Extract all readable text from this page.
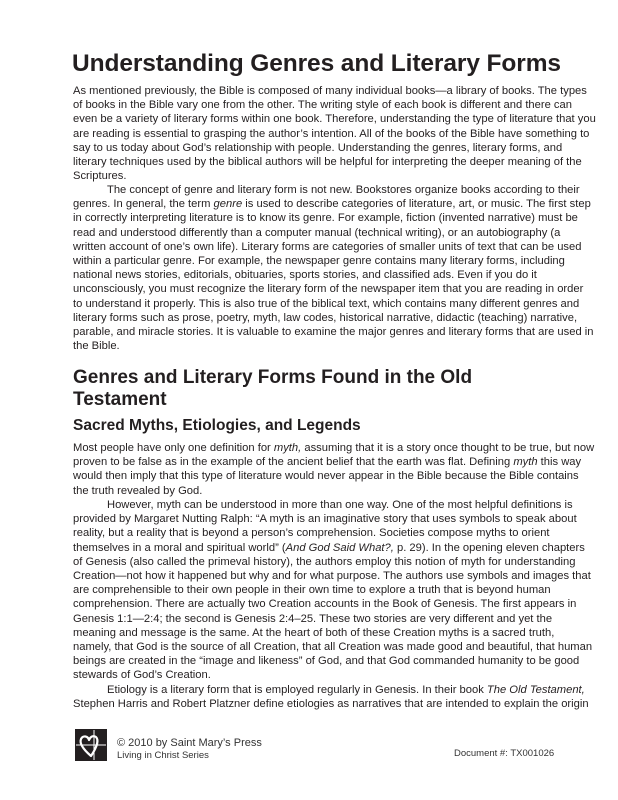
Understanding Genres and Literary Forms

As mentioned previously, the Bible is composed of many individual books—a library of books. The types
of books in the Bible vary one from the other. The writing style of each book is different and there can
even be a variety of literary forms within one book. Therefore, understanding the type of literature that you
are reading is essential to grasping the author’s intention. All of the books of the Bible have something to
say to us today about God’s relationship with people. Understanding the genres, literary forms, and
literary techniques used by the biblical authors will be helpful for interpreting the deeper meaning of the
Scriptures.

The concept of genre and literary form is not new. Bookstores organize books according to their
genres. In general, the term genre is used to describe categories of literature, art, or music. The first step
in correctly interpreting literature is to know its genre. For example, fiction (invented narrative) must be
read and understood differently than a computer manual (technical writing), or an autobiography (a
written account of one’s own life). Literary forms are categories of smaller units of text that can be used
within a particular genre. For example, the newspaper genre contains many literary forms, including
national news stories, editorials, obituaries, sports stories, and classified ads. Even if you do it
unconsciously, you must recognize the literary form of the newspaper item that you are reading in order
to understand it properly. This is also true of the biblical text, which contains many different genres and
literary forms such as prose, poetry, myth, law codes, historical narrative, didactic (teaching) narrative,
parable, and miracle stories. It is valuable to examine the major genres and literary forms that are used in
the Bible.

Genres and Literary Forms Found in the Old
Testament
Sacred Myths, Etiologies, and Legends

Most people have only one definition for myth, assuming that it is a story once thought to be true, but now
proven to be false as in the example of the ancient belief that the earth was flat. Defining myth this way
would then imply that this type of literature would never appear in the Bible because the Bible contains
the truth revealed by God.

However, myth can be understood in more than one way. One of the most helpful definitions is
provided by Margaret Nutting Ralph: “A myth is an imaginative story that uses symbols to speak about
reality, but a reality that is beyond a person’s comprehension. Societies compose myths to orient
themselves in a moral and spiritual world” (And God Said What?, p. 29). In the opening eleven chapters
of Genesis (also called the primeval history), the authors employ this notion of myth for understanding
Creation—not how it happened but why and for what purpose. The authors use symbols and images that
are comprehensible to their own people in their own time to explore a truth that is beyond human
comprehension. There are actually two Creation accounts in the Book of Genesis. The first appears in
Genesis 1:1—2:4; the second is Genesis 2:4–25. These two stories are very different and yet the
meaning and message is the same. At the heart of both of these Creation myths is a sacred truth,
namely, that God is the source of all Creation, that all Creation was made good and beautiful, that human
beings are created in the “image and likeness” of God, and that God commanded humanity to be good
stewards of God’s Creation.

Etiology is a literary form that is employed regularly in Genesis. In their book The Old Testament,
Stephen Harris and Robert Platzner define etiologies as narratives that are intended to explain the origin

© 2010 by Saint Mary’s Press
Living in Christ Series	Document #: TX001026
